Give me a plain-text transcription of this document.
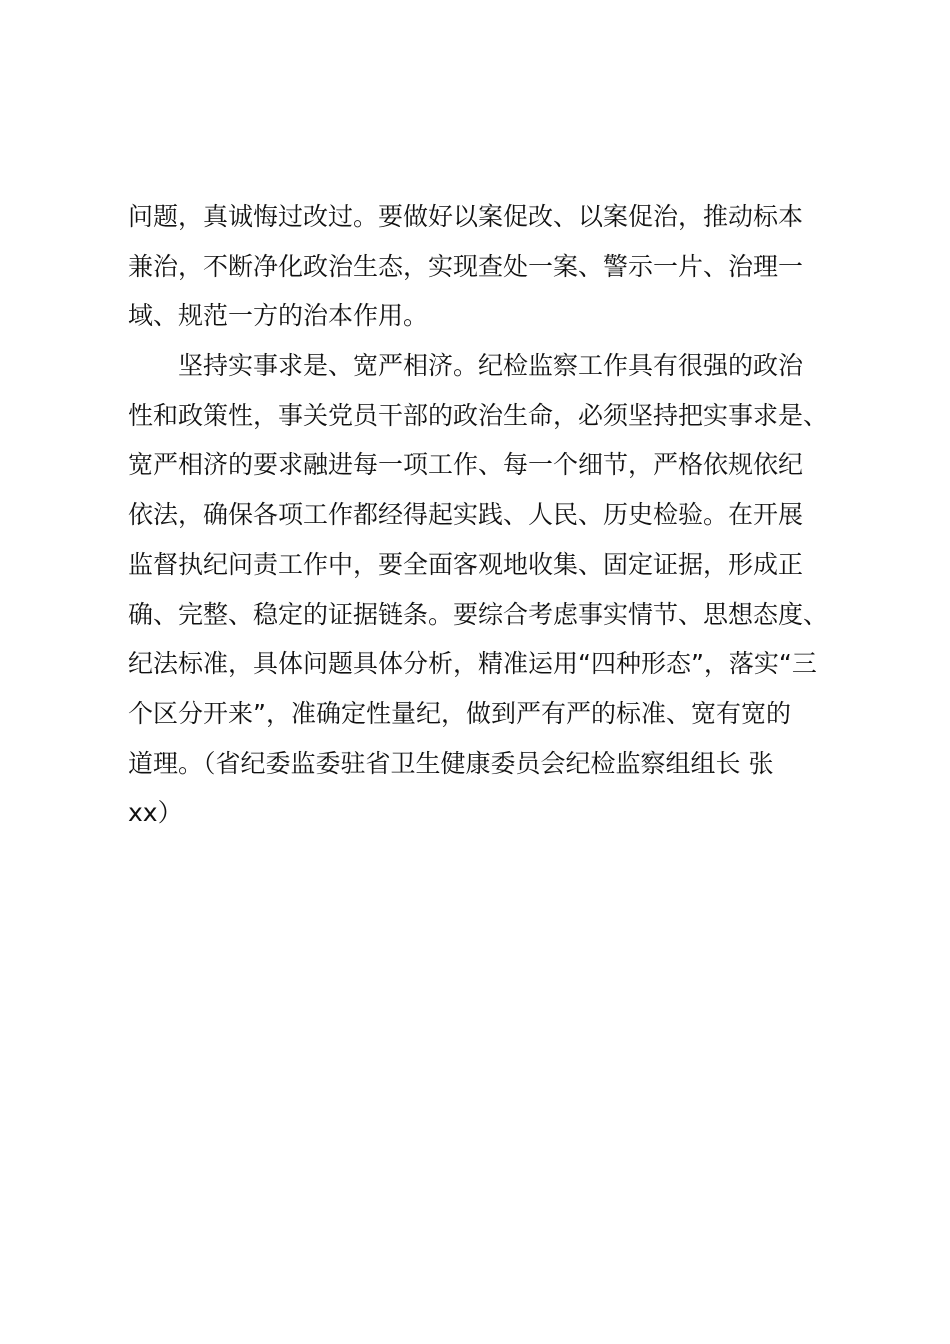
问题，真诚悔过改过。要做好以案促改、以案促治，推动标本
兼治，不断净化政治生态，实现查处一案、警示一片、治理一
域、规范一方的治本作用。
　　坚持实事求是、宽严相济。纪检监察工作具有很强的政治
性和政策性，事关党员干部的政治生命，必须坚持把实事求是、
宽严相济的要求融进每一项工作、每一个细节，严格依规依纪
依法，确保各项工作都经得起实践、人民、历史检验。在开展
监督执纪问责工作中，要全面客观地收集、固定证据，形成正
确、完整、稳定的证据链条。要综合考虑事实情节、思想态度、
纪法标准，具体问题具体分析，精准运用“四种形态”，落实“三
个区分开来”，准确定性量纪，做到严有严的标准、宽有宽的
道理。（省纪委监委驻省卫生健康委员会纪检监察组组长 张
xx）
